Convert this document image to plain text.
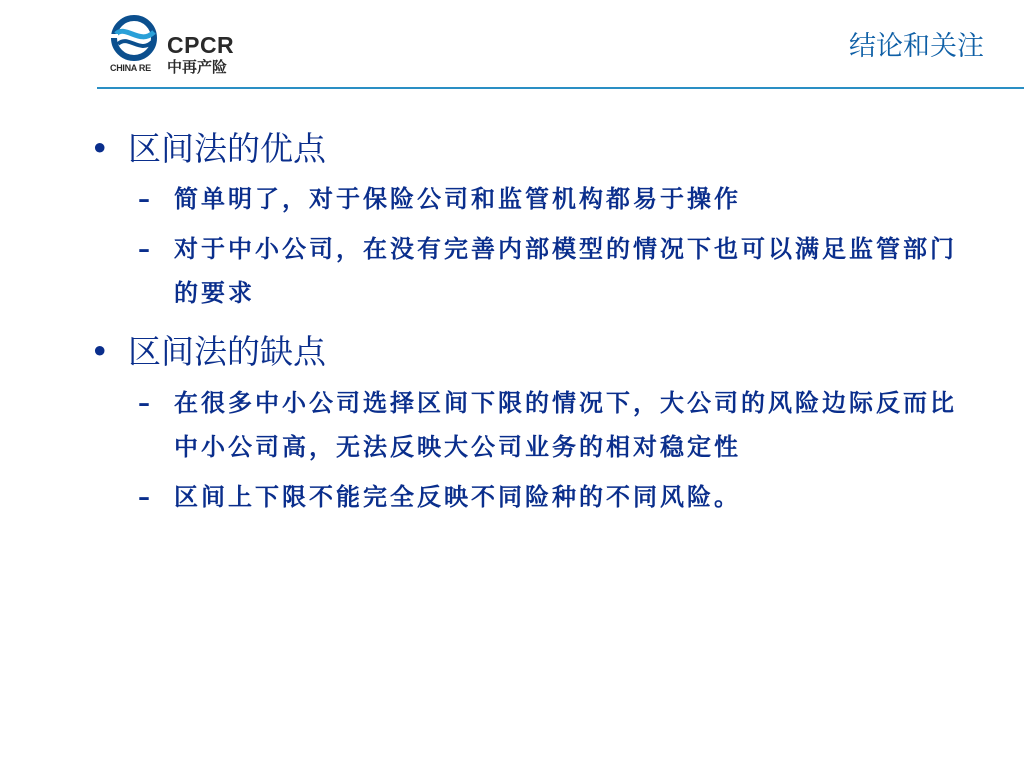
CPCR
中再产险
CHINA RE
结论和关注
• 区间法的优点
– 简单明了，对于保险公司和监管机构都易于操作
– 对于中小公司，在没有完善内部模型的情况下也可以满足监管部门的要求
• 区间法的缺点
– 在很多中小公司选择区间下限的情况下，大公司的风险边际反而比中小公司高，无法反映大公司业务的相对稳定性
– 区间上下限不能完全反映不同险种的不同风险。
